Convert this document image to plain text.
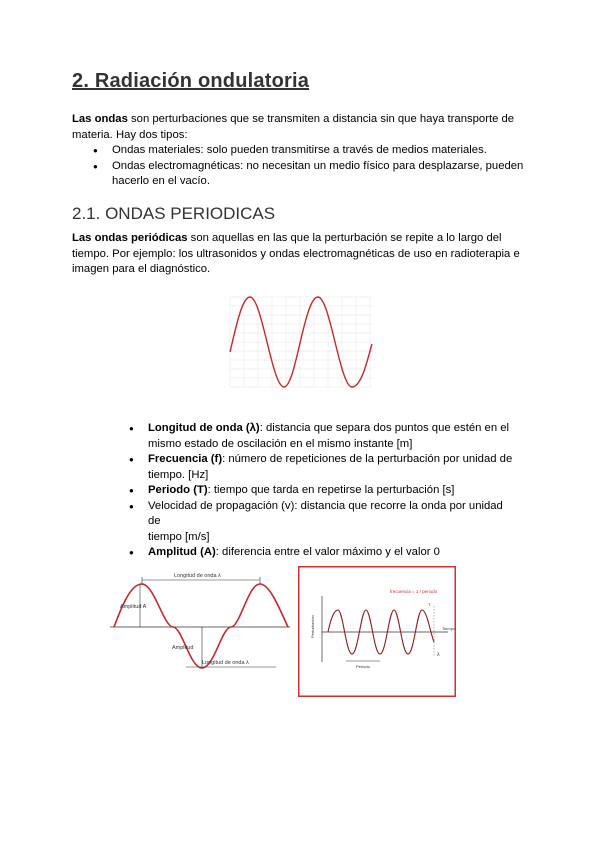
2. Radiación ondulatoria

Las ondas son perturbaciones que se transmiten a distancia sin que haya transporte de
materia. Hay dos tipos:

● Ondas materiales: solo pueden transmitirse a través de medios materiales.
● Ondas electromagnéticas: no necesitan un medio físico para desplazarse, pueden
hacerlo en el vacío.
2.1. ONDAS PERIODICAS

Las ondas periódicas son aquellas en las que la perturbación se repite a lo largo del
tiempo. Por ejemplo: los ultrasonidos y ondas electromagnéticas de uso en radioterapia e
imagen para el diagnóstico.

·
·
·
● Longitud de onda (λ): distancia que separa dos puntos que estén en el
mismo estado de oscilación en el mismo instante [m]
● Frecuencia (f): número de repeticiones de la perturbación por unidad de
tiempo. [Hz]
● Periodo (T): tiempo que tarda en repetirse la perturbación [s]
● Velocidad de propagación (v): distancia que recorre la onda por unidad de
tiempo [m/s]
● Amplitud (A): diferencia entre el valor máximo y el valor 0
Longitud de onda λ
Amplitud A
Amplitud
Longitud de onda λ
frecuencia = 1 / periodo
Perturbación	Tiempo
T
λ
Periodo
